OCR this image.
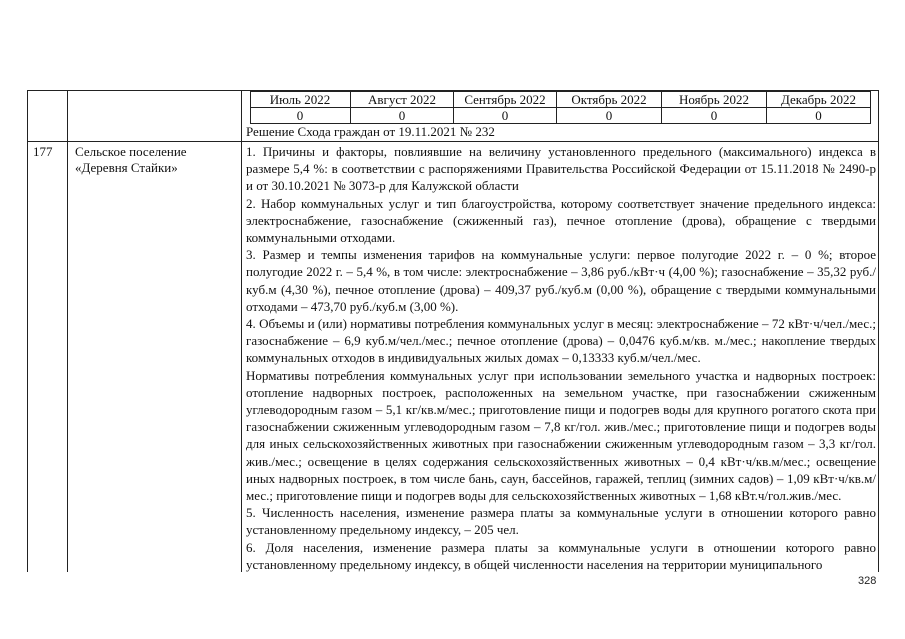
Июль 2022	Август 2022	Сентябрь 2022	Октябрь 2022	Ноябрь 2022	Декабрь 2022
0	0	0	0	0	0
Решение Схода граждан от 19.11.2021 № 232
177 Сельское поселение «Деревня Стайки»

1. Причины и факторы, повлиявшие на величину установленного предельного (максимального) индекса в размере 5,4 %: в соответствии с распоряжениями Правительства Российской Федерации от 15.11.2018 № 2490-р и от 30.10.2021 № 3073-р для Калужской области

2. Набор коммунальных услуг и тип благоустройства, которому соответствует значение предельного индекса: электроснабжение, газоснабжение (сжиженный газ), печное отопление (дрова), обращение с твердыми коммунальными отходами.

3. Размер и темпы изменения тарифов на коммунальные услуги: первое полугодие 2022 г. – 0 %; второе полугодие 2022 г. – 5,4 %, в том числе: электроснабжение – 3,86 руб./кВт·ч (4,00 %); газоснабжение – 35,32 руб./куб.м (4,30 %), печное отопление (дрова) – 409,37 руб./куб.м (0,00 %), обращение с твердыми коммунальными отходами – 473,70 руб./куб.м (3,00 %).

4. Объемы и (или) нормативы потребления коммунальных услуг в месяц: электроснабжение – 72 кВт·ч/чел./мес.; газоснабжение – 6,9 куб.м/чел./мес.; печное отопление (дрова) – 0,0476 куб.м/кв. м./мес.; накопление твердых коммунальных отходов в индивидуальных жилых домах – 0,13333 куб.м/чел./мес.

Нормативы потребления коммунальных услуг при использовании земельного участка и надворных построек: отопление надворных построек, расположенных на земельном участке, при газоснабжении сжиженным углеводородным газом – 5,1 кг/кв.м/мес.; приготовление пищи и подогрев воды для крупного рогатого скота при газоснабжении сжиженным углеводородным газом – 7,8 кг/гол. жив./мес.; приготовление пищи и подогрев воды для иных сельскохозяйственных животных при газоснабжении сжиженным углеводородным газом – 3,3 кг/гол. жив./мес.; освещение в целях содержания сельскохозяйственных животных – 0,4 кВт·ч/кв.м/мес.; освещение иных надворных построек, в том числе бань, саун, бассейнов, гаражей, теплиц (зимних садов) – 1,09 кВт·ч/кв.м/мес.; приготовление пищи и подогрев воды для сельскохозяйственных животных – 1,68 кВт.ч/гол.жив./мес.

5. Численность населения, изменение размера платы за коммунальные услуги в отношении которого равно установленному предельному индексу, – 205 чел.

6. Доля населения, изменение размера платы за коммунальные услуги в отношении которого равно установленному предельному индексу, в общей численности населения на территории муниципального

328
